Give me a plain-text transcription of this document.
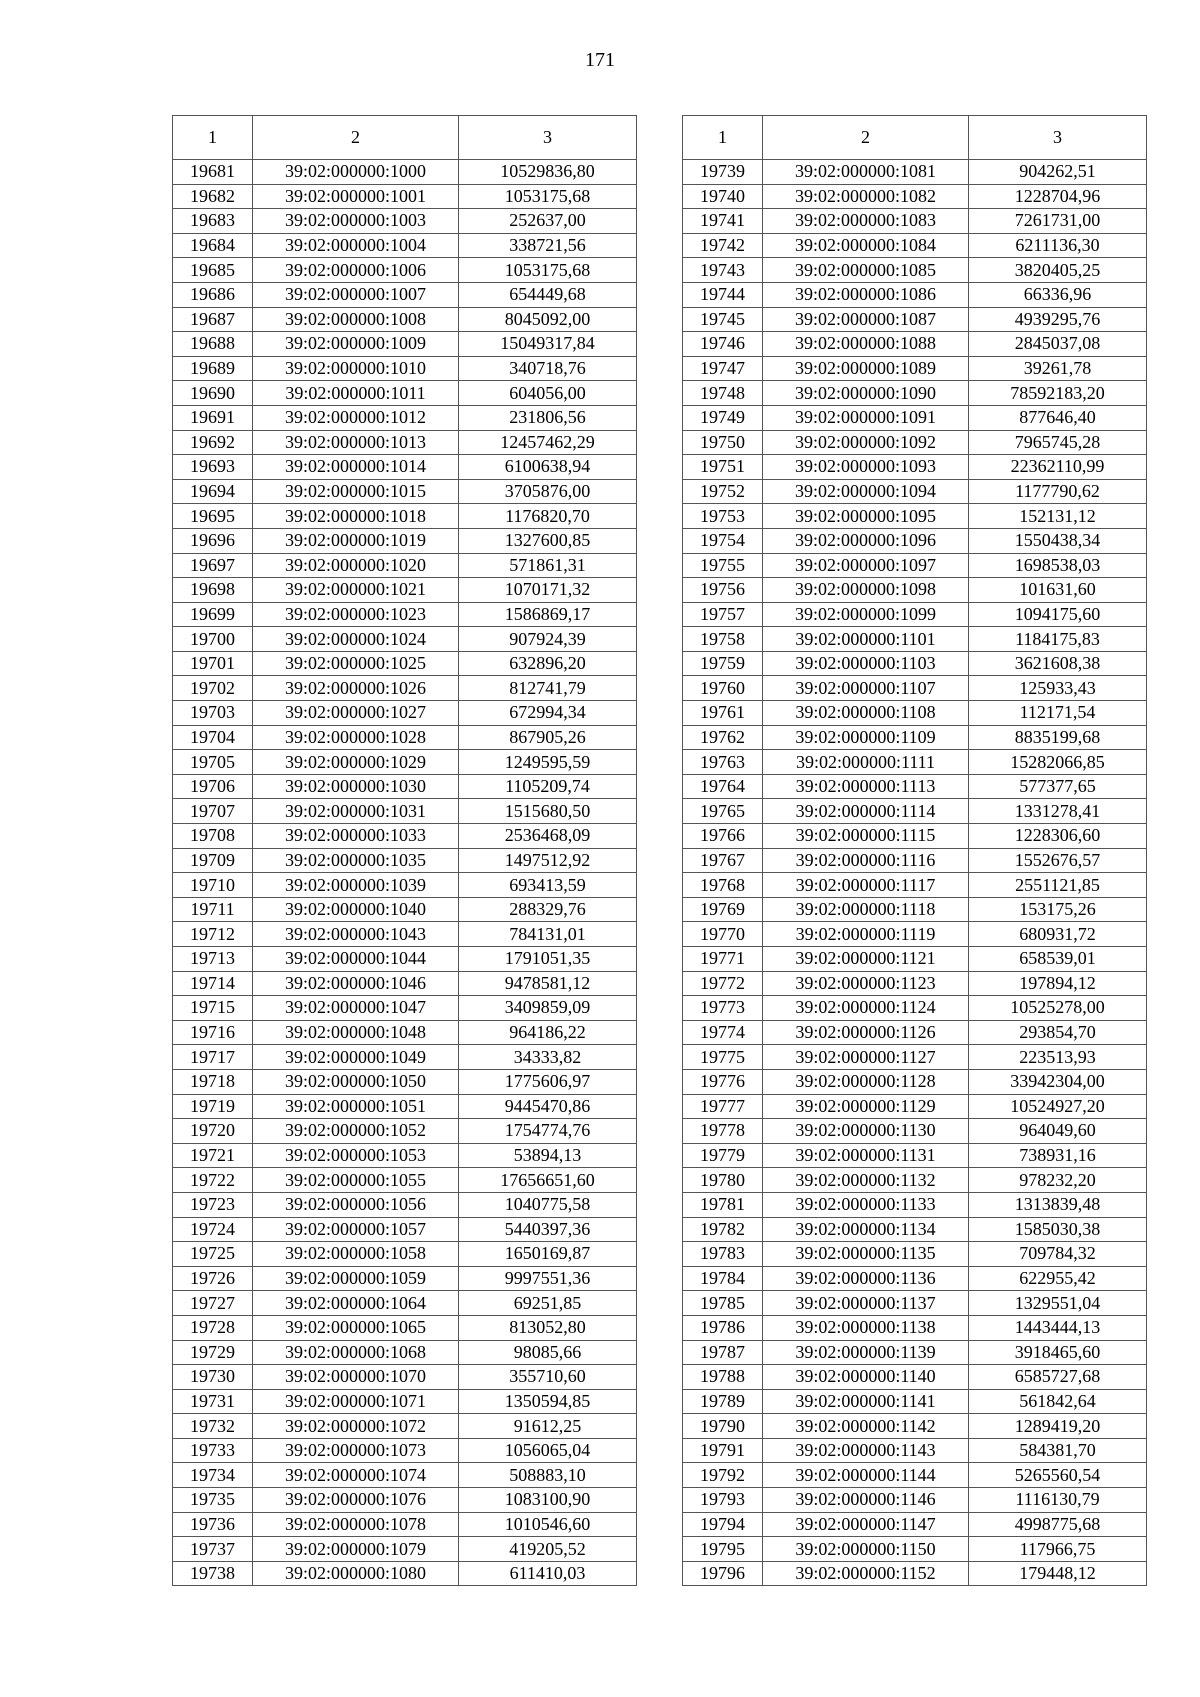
171
1	2	3
19681	39:02:000000:1000	10529836,80
19682	39:02:000000:1001	1053175,68
19683	39:02:000000:1003	252637,00
19684	39:02:000000:1004	338721,56
19685	39:02:000000:1006	1053175,68
19686	39:02:000000:1007	654449,68
19687	39:02:000000:1008	8045092,00
19688	39:02:000000:1009	15049317,84
19689	39:02:000000:1010	340718,76
19690	39:02:000000:1011	604056,00
19691	39:02:000000:1012	231806,56
19692	39:02:000000:1013	12457462,29
19693	39:02:000000:1014	6100638,94
19694	39:02:000000:1015	3705876,00
19695	39:02:000000:1018	1176820,70
19696	39:02:000000:1019	1327600,85
19697	39:02:000000:1020	571861,31
19698	39:02:000000:1021	1070171,32
19699	39:02:000000:1023	1586869,17
19700	39:02:000000:1024	907924,39
19701	39:02:000000:1025	632896,20
19702	39:02:000000:1026	812741,79
19703	39:02:000000:1027	672994,34
19704	39:02:000000:1028	867905,26
19705	39:02:000000:1029	1249595,59
19706	39:02:000000:1030	1105209,74
19707	39:02:000000:1031	1515680,50
19708	39:02:000000:1033	2536468,09
19709	39:02:000000:1035	1497512,92
19710	39:02:000000:1039	693413,59
19711	39:02:000000:1040	288329,76
19712	39:02:000000:1043	784131,01
19713	39:02:000000:1044	1791051,35
19714	39:02:000000:1046	9478581,12
19715	39:02:000000:1047	3409859,09
19716	39:02:000000:1048	964186,22
19717	39:02:000000:1049	34333,82
19718	39:02:000000:1050	1775606,97
19719	39:02:000000:1051	9445470,86
19720	39:02:000000:1052	1754774,76
19721	39:02:000000:1053	53894,13
19722	39:02:000000:1055	17656651,60
19723	39:02:000000:1056	1040775,58
19724	39:02:000000:1057	5440397,36
19725	39:02:000000:1058	1650169,87
19726	39:02:000000:1059	9997551,36
19727	39:02:000000:1064	69251,85
19728	39:02:000000:1065	813052,80
19729	39:02:000000:1068	98085,66
19730	39:02:000000:1070	355710,60
19731	39:02:000000:1071	1350594,85
19732	39:02:000000:1072	91612,25
19733	39:02:000000:1073	1056065,04
19734	39:02:000000:1074	508883,10
19735	39:02:000000:1076	1083100,90
19736	39:02:000000:1078	1010546,60
19737	39:02:000000:1079	419205,52
19738	39:02:000000:1080	611410,03
1	2	3
19739	39:02:000000:1081	904262,51
19740	39:02:000000:1082	1228704,96
19741	39:02:000000:1083	7261731,00
19742	39:02:000000:1084	6211136,30
19743	39:02:000000:1085	3820405,25
19744	39:02:000000:1086	66336,96
19745	39:02:000000:1087	4939295,76
19746	39:02:000000:1088	2845037,08
19747	39:02:000000:1089	39261,78
19748	39:02:000000:1090	78592183,20
19749	39:02:000000:1091	877646,40
19750	39:02:000000:1092	7965745,28
19751	39:02:000000:1093	22362110,99
19752	39:02:000000:1094	1177790,62
19753	39:02:000000:1095	152131,12
19754	39:02:000000:1096	1550438,34
19755	39:02:000000:1097	1698538,03
19756	39:02:000000:1098	101631,60
19757	39:02:000000:1099	1094175,60
19758	39:02:000000:1101	1184175,83
19759	39:02:000000:1103	3621608,38
19760	39:02:000000:1107	125933,43
19761	39:02:000000:1108	112171,54
19762	39:02:000000:1109	8835199,68
19763	39:02:000000:1111	15282066,85
19764	39:02:000000:1113	577377,65
19765	39:02:000000:1114	1331278,41
19766	39:02:000000:1115	1228306,60
19767	39:02:000000:1116	1552676,57
19768	39:02:000000:1117	2551121,85
19769	39:02:000000:1118	153175,26
19770	39:02:000000:1119	680931,72
19771	39:02:000000:1121	658539,01
19772	39:02:000000:1123	197894,12
19773	39:02:000000:1124	10525278,00
19774	39:02:000000:1126	293854,70
19775	39:02:000000:1127	223513,93
19776	39:02:000000:1128	33942304,00
19777	39:02:000000:1129	10524927,20
19778	39:02:000000:1130	964049,60
19779	39:02:000000:1131	738931,16
19780	39:02:000000:1132	978232,20
19781	39:02:000000:1133	1313839,48
19782	39:02:000000:1134	1585030,38
19783	39:02:000000:1135	709784,32
19784	39:02:000000:1136	622955,42
19785	39:02:000000:1137	1329551,04
19786	39:02:000000:1138	1443444,13
19787	39:02:000000:1139	3918465,60
19788	39:02:000000:1140	6585727,68
19789	39:02:000000:1141	561842,64
19790	39:02:000000:1142	1289419,20
19791	39:02:000000:1143	584381,70
19792	39:02:000000:1144	5265560,54
19793	39:02:000000:1146	1116130,79
19794	39:02:000000:1147	4998775,68
19795	39:02:000000:1150	117966,75
19796	39:02:000000:1152	179448,12
